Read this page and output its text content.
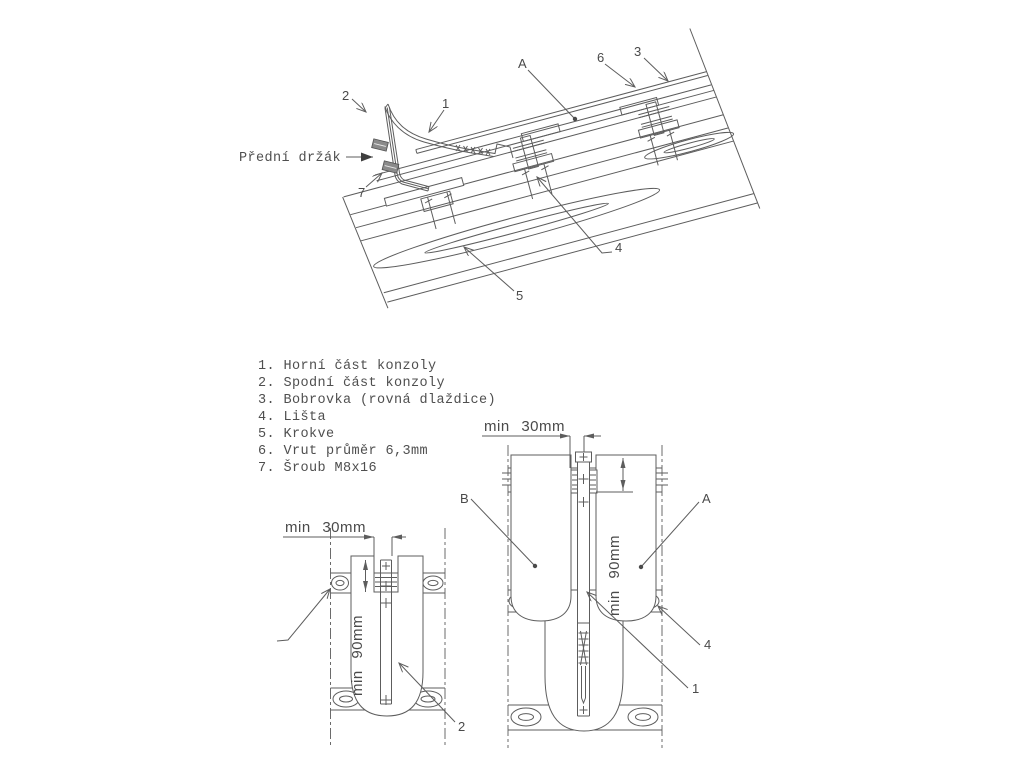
2
1
A	6 3
7
4
5
Přední držák
1. Horní část konzoly
2. Spodní část konzoly
3. Bobrovka (rovná dlaždice)
4. Lišta
5. Krokve
6. Vrut průměr 6,3mm
7. Šroub M8x16
min 30mm
min 90mm
2
min 30mm
min 90mm
B	A
4
1
